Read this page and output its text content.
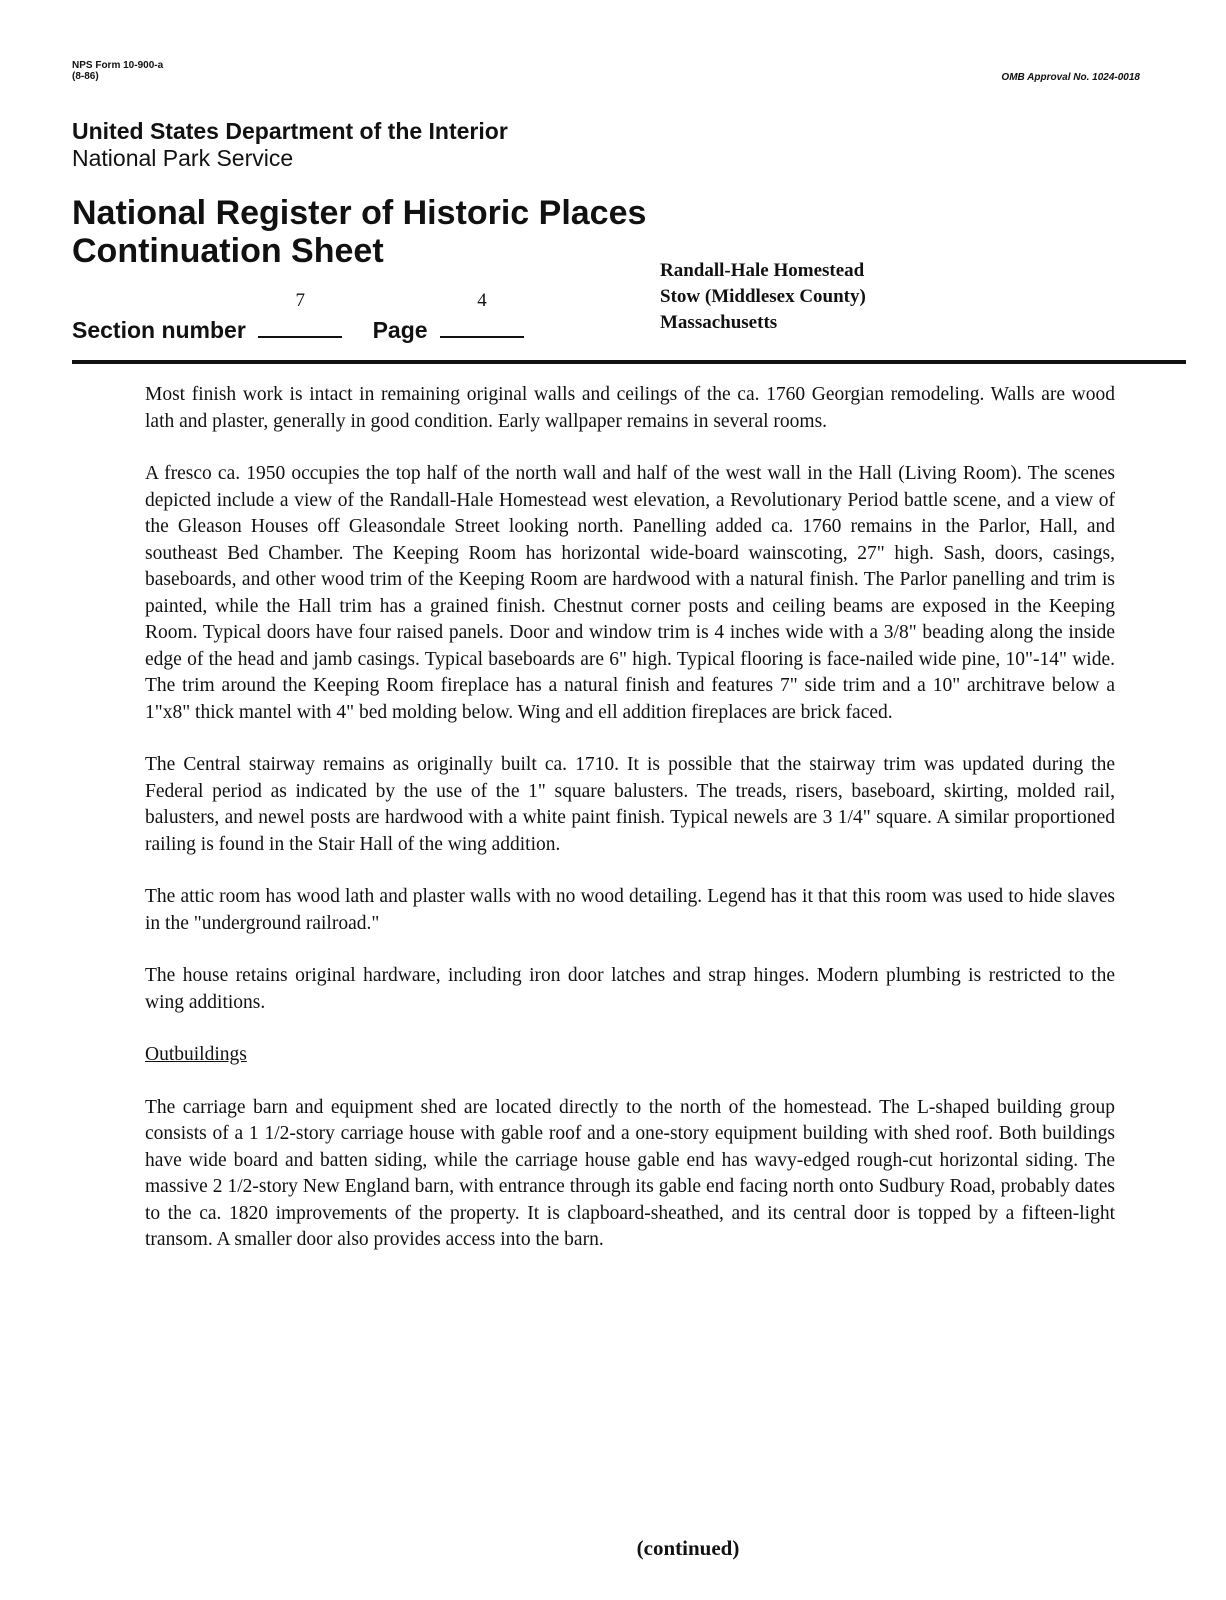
NPS Form 10-900-a
(8-86)	OMB Approval No. 1024-0018
United States Department of the Interior
National Park Service
National Register of Historic Places
Continuation Sheet
Section number
7
Page
4
Randall-Hale Homestead
Stow (Middlesex County)
Massachusetts

Most finish work is intact in remaining original walls and ceilings of the ca. 1760 Georgian remodeling. Walls are wood lath and plaster, generally in good condition. Early wallpaper remains in several rooms.

A fresco ca. 1950 occupies the top half of the north wall and half of the west wall in the Hall (Living Room). The scenes depicted include a view of the Randall-Hale Homestead west elevation, a Revolutionary Period battle scene, and a view of the Gleason Houses off Gleasondale Street looking north. Panelling added ca. 1760 remains in the Parlor, Hall, and southeast Bed Chamber. The Keeping Room has horizontal wide-board wainscoting, 27" high. Sash, doors, casings, baseboards, and other wood trim of the Keeping Room are hardwood with a natural finish. The Parlor panelling and trim is painted, while the Hall trim has a grained finish. Chestnut corner posts and ceiling beams are exposed in the Keeping Room. Typical doors have four raised panels. Door and window trim is 4 inches wide with a 3/8" beading along the inside edge of the head and jamb casings. Typical baseboards are 6" high. Typical flooring is face-nailed wide pine, 10"-14" wide. The trim around the Keeping Room fireplace has a natural finish and features 7" side trim and a 10" architrave below a 1"x8" thick mantel with 4" bed molding below. Wing and ell addition fireplaces are brick faced.

The Central stairway remains as originally built ca. 1710. It is possible that the stairway trim was updated during the Federal period as indicated by the use of the 1" square balusters. The treads, risers, baseboard, skirting, molded rail, balusters, and newel posts are hardwood with a white paint finish. Typical newels are 3 1/4" square. A similar proportioned railing is found in the Stair Hall of the wing addition.

The attic room has wood lath and plaster walls with no wood detailing. Legend has it that this room was used to hide slaves in the "underground railroad."

The house retains original hardware, including iron door latches and strap hinges. Modern plumbing is restricted to the wing additions.

Outbuildings

The carriage barn and equipment shed are located directly to the north of the homestead. The L-shaped building group consists of a 1 1/2-story carriage house with gable roof and a one-story equipment building with shed roof. Both buildings have wide board and batten siding, while the carriage house gable end has wavy-edged rough-cut horizontal siding. The massive 2 1/2-story New England barn, with entrance through its gable end facing north onto Sudbury Road, probably dates to the ca. 1820 improvements of the property. It is clapboard-sheathed, and its central door is topped by a fifteen-light transom. A smaller door also provides access into the barn.

(continued)
